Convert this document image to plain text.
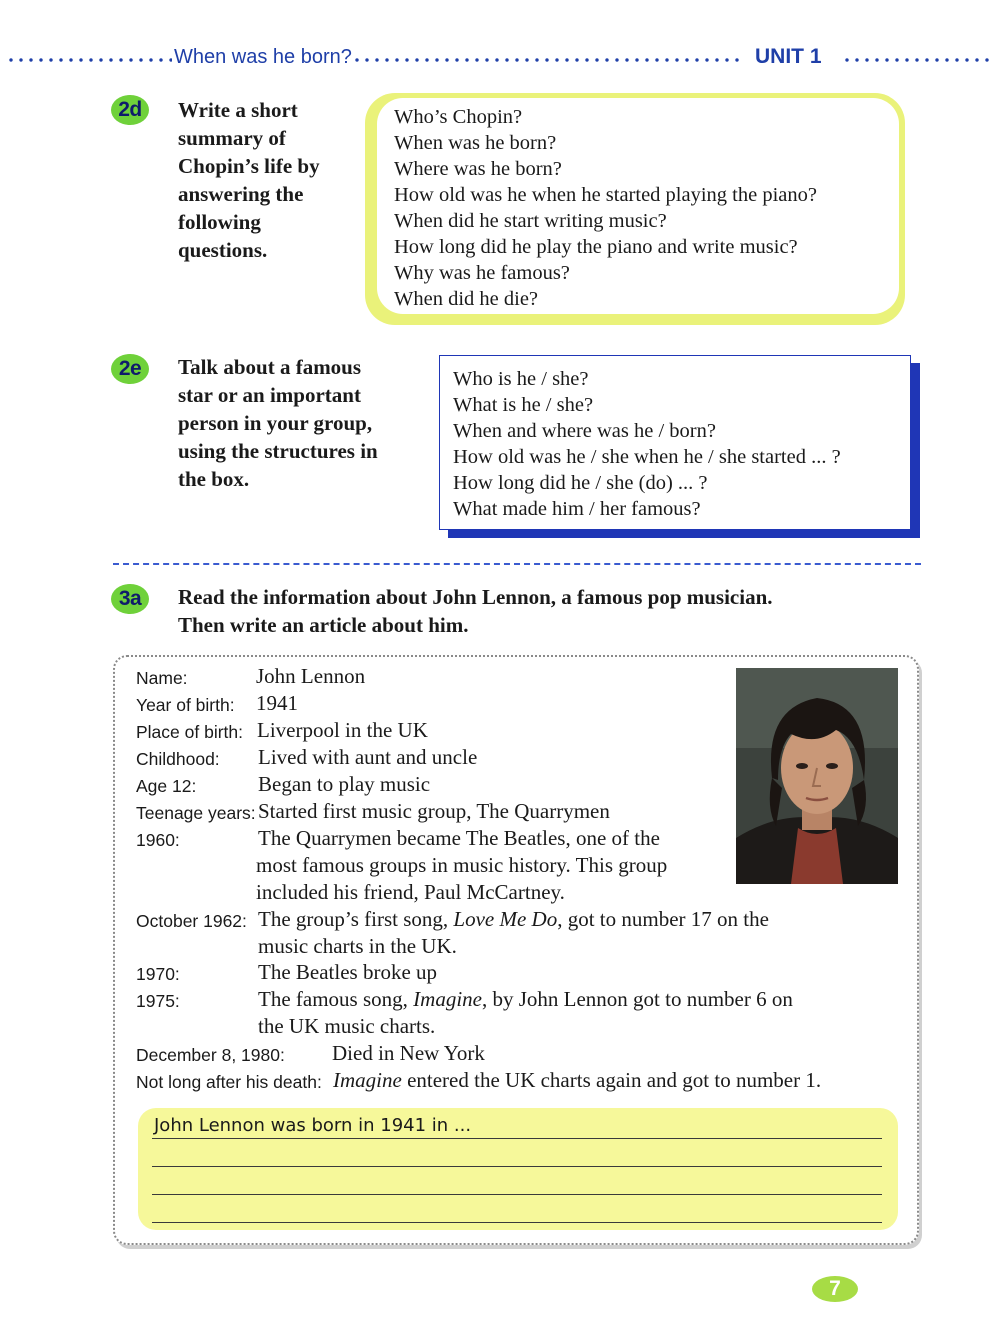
When was he born?	UNIT 1
2d	Write a short
summary of
Chopin’s life by
answering the
following
questions.
Who’s Chopin?
When was he born?
Where was he born?
How old was he when he started playing the piano?
When did he start writing music?
How long did he play the piano and write music?
Why was he famous?
When did he die?
2e	Talk about a famous
star or an important
person in your group,
using the structures in
the box.
Who is he / she?
What is he / she?
When and where was he / born?
How old was he / she when he / she started ... ?
How long did he / she (do) ... ?
What made him / her famous?
3a	Read the information about John Lennon, a famous pop musician.
Then write an article about him.
Name:	John Lennon
Year of birth: 1941
Place of birth: Liverpool in the UK
Childhood: Lived with aunt and uncle
Age 12:	Began to play music
Teenage years: Started first music group, The Quarrymen
1960:	The Quarrymen became The Beatles, one of the
most famous groups in music history. This group
included his friend, Paul McCartney.
October 1962: The group’s first song, Love Me Do, got to number 17 on the
music charts in the UK.
1970:	The Beatles broke up
1975:	The famous song, Imagine, by John Lennon got to number 6 on
the UK music charts.
December 8, 1980: Died in New York
Not long after his death: Imagine entered the UK charts again and got to number 1.
John Lennon was born in 1941 in ...
7
